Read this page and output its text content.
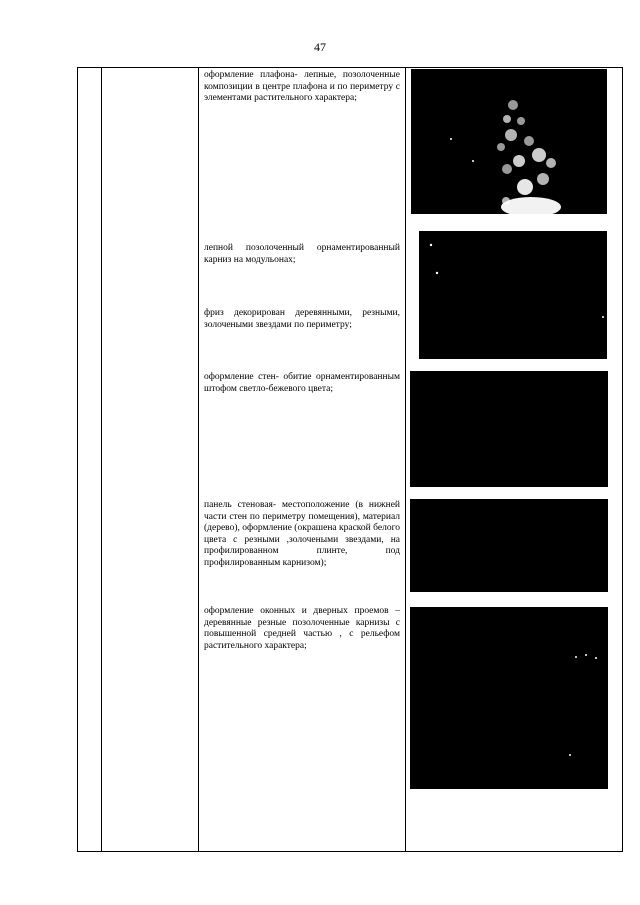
47
оформление плафона- лепные, позолоченные композиции в центре плафона и по периметру с элементами растительного характера;
лепной позолоченный орнаментированный карниз на модульонах;
фриз декорирован деревянными, резными, золочеными звездами по периметру;
оформление стен- обитие орнаментированным штофом светло-бежевого цвета;
панель стеновая- местоположение (в нижней части стен по периметру помещения), материал (дерево), оформление (окрашена краской белого цвета с резными ,золочеными звездами, на профилированном плинте, под профилированным карнизом);
оформление оконных и дверных проемов – деревянные резные позолоченные карнизы с повышенной средней частью , с рельефом растительного характера;
